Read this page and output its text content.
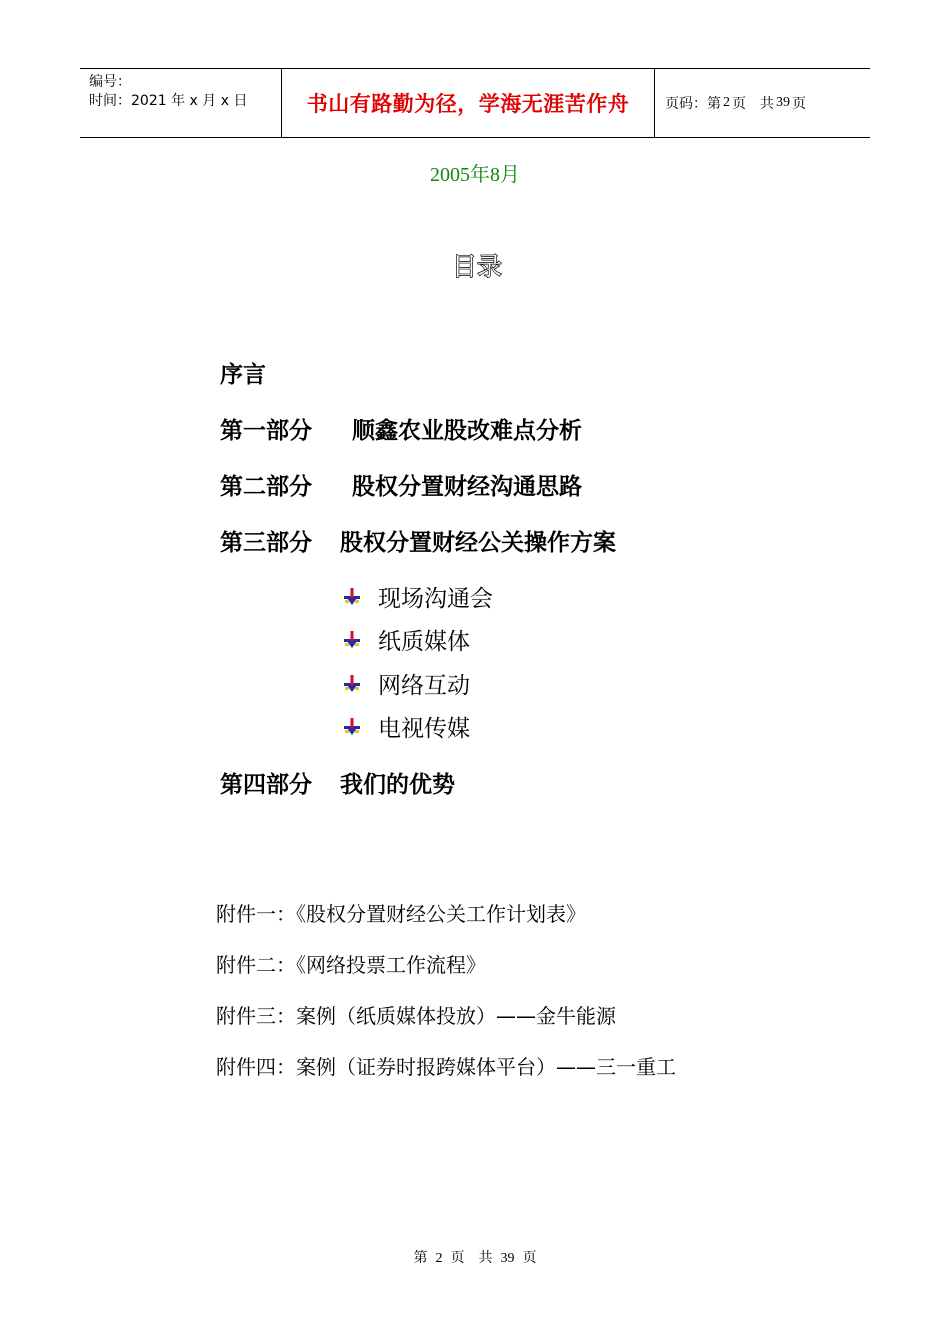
编号：
时间：2021 年 x 月 x 日	书山有路勤为径，学海无涯苦作舟	页码：第 2 页　共 39 页
2005年8月
目录
序言
第一部分 顺鑫农业股改难点分析
第二部分 股权分置财经沟通思路
第三部分 股权分置财经公关操作方案
现场沟通会
纸质媒体
网络互动
电视传媒
第四部分 我们的优势
附件一：《股权分置财经公关工作计划表》
附件二：《网络投票工作流程》
附件三：案例（纸质媒体投放）——金牛能源
附件四：案例（证券时报跨媒体平台）——三一重工
第 2 页　共 39 页
